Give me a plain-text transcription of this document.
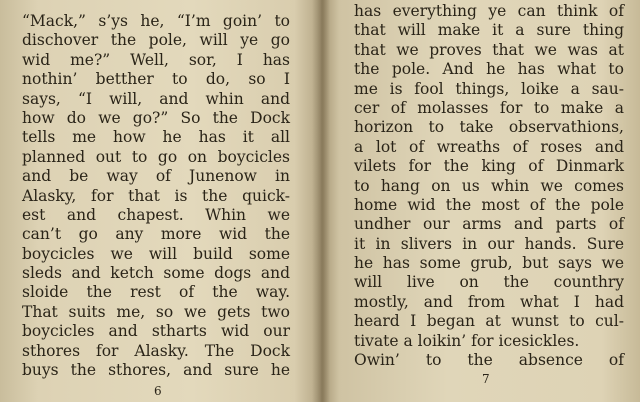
“Mack,” s’ys he, “I’m goin’ to
dischover the pole, will ye go
wid me?” Well, sor, I has
nothin’ betther to do, so I
says, “I will, and whin and
how do we go?” So the Dock
tells me how he has it all
planned out to go on boycicles
and be way of Junenow in
Alasky, for that is the quick-
est and chapest. Whin we
can’t go any more wid the
boycicles we will build some
sleds and ketch some dogs and
sloide the rest of the way.
That suits me, so we gets two
boycicles and stharts wid our
sthores for Alasky. The Dock
buys the sthores, and sure he
6
has everything ye can think of
that will make it a sure thing
that we proves that we was at
the pole. And he has what to
me is fool things, loike a sau-
cer of molasses for to make a
horizon to take observathions,
a lot of wreaths of roses and
vilets for the king of Dinmark
to hang on us whin we comes
home wid the most of the pole
undher our arms and parts of
it in slivers in our hands. Sure
he has some grub, but says we
will live on the counthry
mostly, and from what I had
heard I began at wunst to cul-
tivate a loikin’ for icesickles.
Owin’ to the absence of
7
